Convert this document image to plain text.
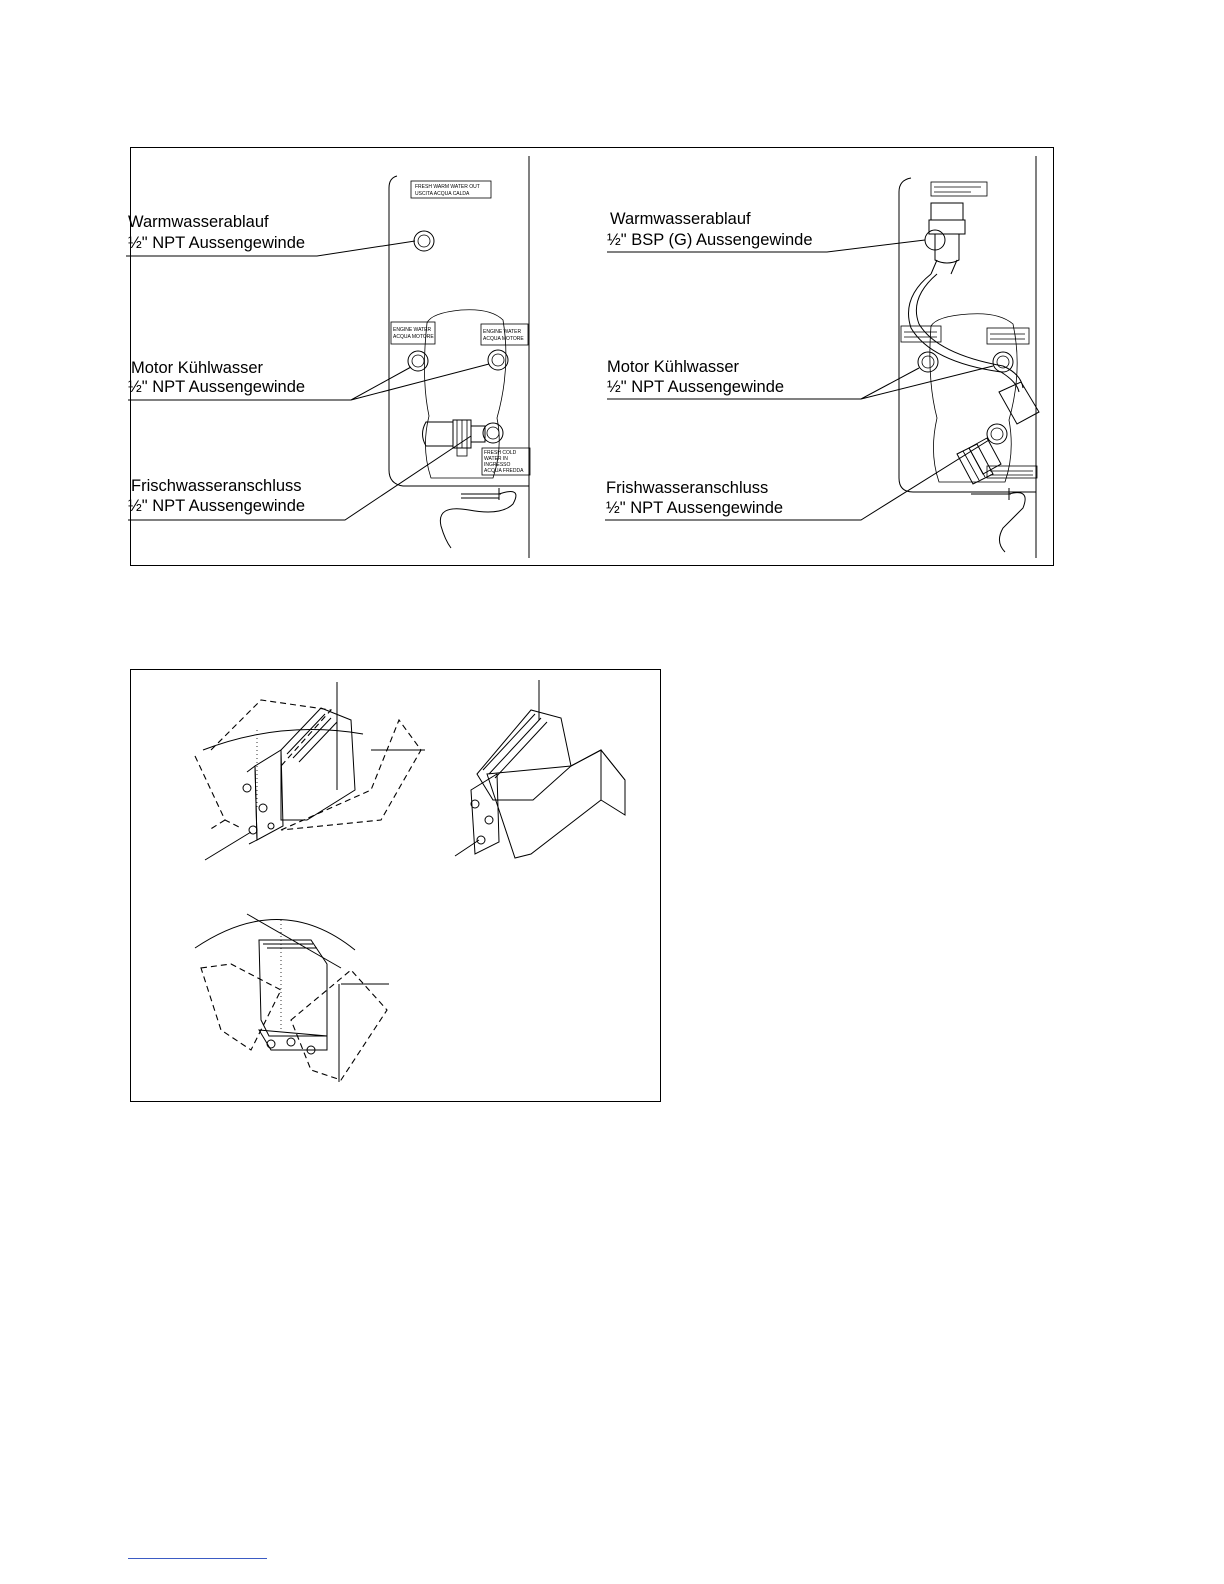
FRESH WARM WATER OUT
USCITA ACQUA CALDA
ENGINE WATER
ACQUA MOTORE
ENGINE WATER
ACQUA MOTORE
FRESH COLD
WATER IN
INGRESSO
ACQUA FREDDA
Warmwasserablauf
½" NPT Aussengewinde
Motor Kühlwasser
½" NPT Aussengewinde
Frischwasseranschluss
½" NPT Aussengewinde
Warmwasserablauf
½" BSP (G) Aussengewinde
Motor Kühlwasser
½" NPT Aussengewinde
Frishwasseranschluss
½" NPT Aussengewinde
